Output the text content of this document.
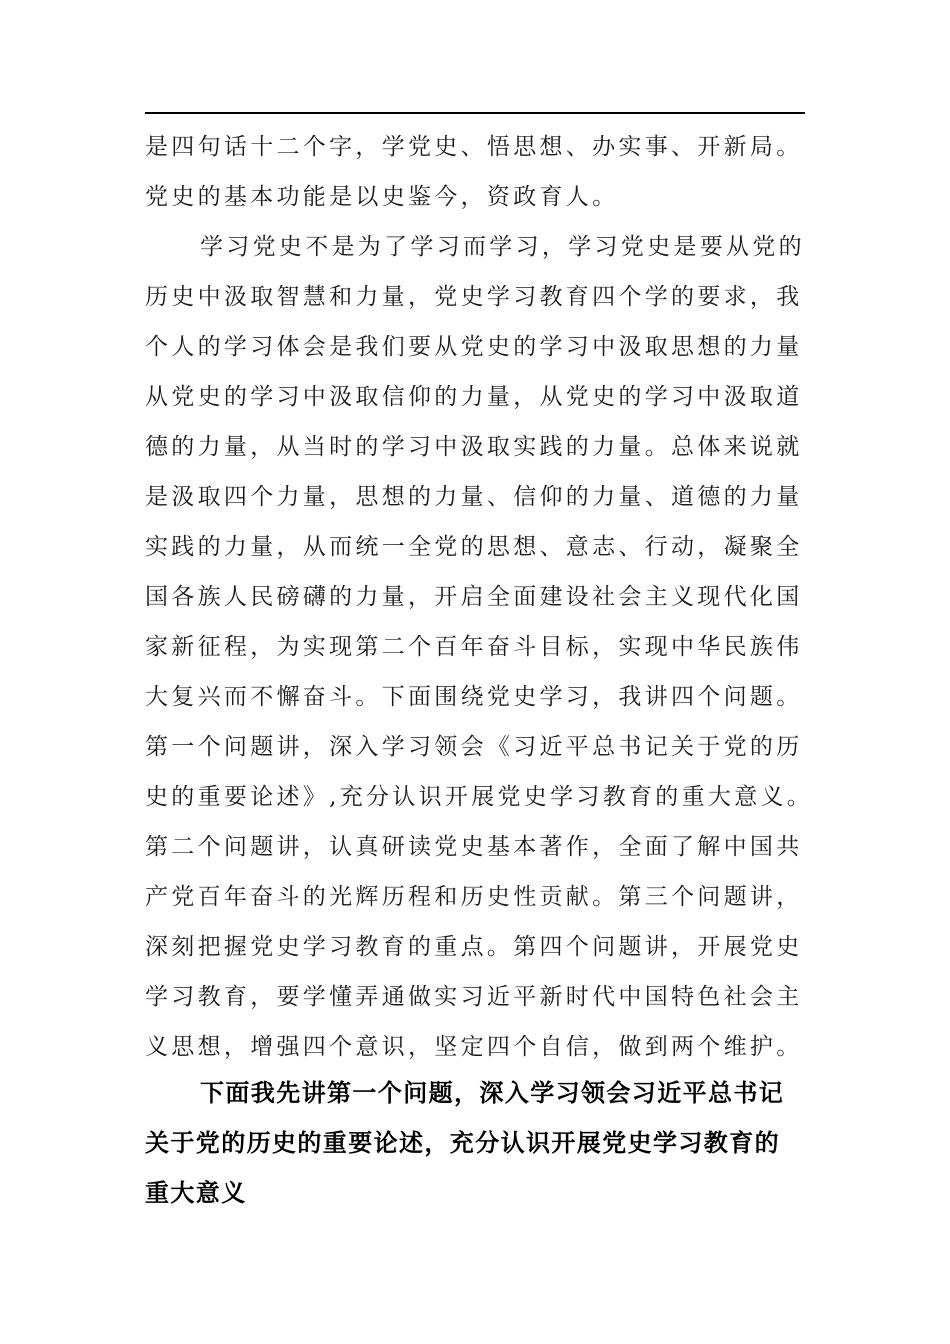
是四句话十二个字，学党史、悟思想、办实事、开新局。
党史的基本功能是以史鉴今，资政育人。
学习党史不是为了学习而学习，学习党史是要从党的
历史中汲取智慧和力量，党史学习教育四个学的要求，我
个人的学习体会是我们要从党史的学习中汲取思想的力量
从党史的学习中汲取信仰的力量，从党史的学习中汲取道
德的力量，从当时的学习中汲取实践的力量。总体来说就
是汲取四个力量，思想的力量、信仰的力量、道德的力量
实践的力量，从而统一全党的思想、意志、行动，凝聚全
国各族人民磅礴的力量，开启全面建设社会主义现代化国
家新征程，为实现第二个百年奋斗目标，实现中华民族伟
大复兴而不懈奋斗。下面围绕党史学习，我讲四个问题。
第一个问题讲，深入学习领会《习近平总书记关于党的历
史的重要论述》,充分认识开展党史学习教育的重大意义。
第二个问题讲，认真研读党史基本著作，全面了解中国共
产党百年奋斗的光辉历程和历史性贡献。第三个问题讲，
深刻把握党史学习教育的重点。第四个问题讲，开展党史
学习教育，要学懂弄通做实习近平新时代中国特色社会主
义思想，增强四个意识，坚定四个自信，做到两个维护。
下面我先讲第一个问题，深入学习领会习近平总书记
关于党的历史的重要论述，充分认识开展党史学习教育的
重大意义
